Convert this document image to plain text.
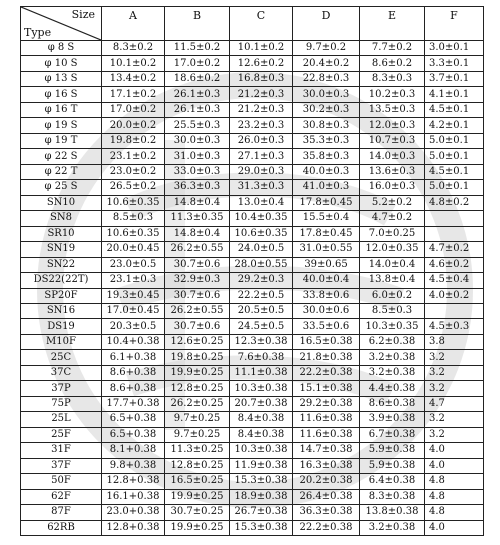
Size
Type	A	B	C	D	E	F
φ 8 S	8.3±0.2	11.5±0.2	10.1±0.2	9.7±0.2	7.7±0.2	3.0±0.1
φ 10 S	10.1±0.2	17.0±0.2	12.6±0.2	20.4±0.2	8.6±0.2	3.3±0.1
φ 13 S	13.4±0.2	18.6±0.2	16.8±0.3	22.8±0.3	8.3±0.3	3.7±0.1
φ 16 S	17.1±0.2	26.1±0.3	21.2±0.3	30.0±0.3	10.2±0.3	4.1±0.1
φ 16 T	17.0±0.2	26.1±0.3	21.2±0.3	30.2±0.3	13.5±0.3	4.5±0.1
φ 19 S	20.0±0.2	25.5±0.3	23.2±0.3	30.8±0.3	12.0±0.3	4.2±0.1
φ 19 T	19.8±0.2	30.0±0.3	26.0±0.3	35.3±0.3	10.7±0.3	5.0±0.1
φ 22 S	23.1±0.2	31.0±0.3	27.1±0.3	35.8±0.3	14.0±0.3	5.0±0.1
φ 22 T	23.0±0.2	33.0±0.3	29.0±0.3	40.0±0.3	13.6±0.3	4.5±0.1
φ 25 S	26.5±0.2	36.3±0.3	31.3±0.3	41.0±0.3	16.0±0.3	5.0±0.1
SN10	10.6±0.35	14.8±0.4	13.0±0.4	17.8±0.45	5.2±0.2	4.8±0.2
SN8	8.5±0.3	11.3±0.35	10.4±0.35	15.5±0.4	4.7±0.2	
SR10	10.6±0.35	14.8±0.4	10.6±0.35	17.8±0.45	7.0±0.25	
SN19	20.0±0.45	26.2±0.55	24.0±0.5	31.0±0.55	12.0±0.35	4.7±0.2
SN22	23.0±0.5	30.7±0.6	28.0±0.55	39±0.65	14.0±0.4	4.6±0.2
DS22(22T)	23.1±0.3	32.9±0.3	29.2±0.3	40.0±0.4	13.8±0.4	4.5±0.4
SP20F	19.3±0.45	30.7±0.6	22.2±0.5	33.8±0.6	6.0±0.2	4.0±0.2
SN16	17.0±0.45	26.2±0.55	20.5±0.5	30.0±0.6	8.5±0.3	
DS19	20.3±0.5	30.7±0.6	24.5±0.5	33.5±0.6	10.3±0.35	4.5±0.3
M10F	10.4+0.38	12.6±0.25	12.3±0.38	16.5±0.38	6.2±0.38	3.8
25C	6.1+0.38	19.8±0.25	7.6±0.38	21.8±0.38	3.2±0.38	3.2
37C	8.6+0.38	19.9±0.25	11.1±0.38	22.2±0.38	3.2±0.38	3.2
37P	8.6+0.38	12.8±0.25	10.3±0.38	15.1±0.38	4.4±0.38	3.2
75P	17.7+0.38	26.2±0.25	20.7±0.38	29.2±0.38	8.6±0.38	4.7
25L	6.5+0.38	9.7±0.25	8.4±0.38	11.6±0.38	3.9±0.38	3.2
25F	6.5+0.38	9.7±0.25	8.4±0.38	11.6±0.38	6.7±0.38	3.2
31F	8.1+0.38	11.3±0.25	10.3±0.38	14.7±0.38	5.9±0.38	4.0
37F	9.8+0.38	12.8±0.25	11.9±0.38	16.3±0.38	5.9±0.38	4.0
50F	12.8+0.38	16.5±0.25	15.3±0.38	20.2±0.38	6.4±0.38	4.8
62F	16.1+0.38	19.9±0.25	18.9±0.38	26.4±0.38	8.3±0.38	4.8
87F	23.0+0.38	30.7±0.25	26.7±0.38	36.3±0.38	13.8±0.38	4.8
62RB	12.8+0.38	19.9±0.25	15.3±0.38	22.2±0.38	3.2±0.38	4.0
